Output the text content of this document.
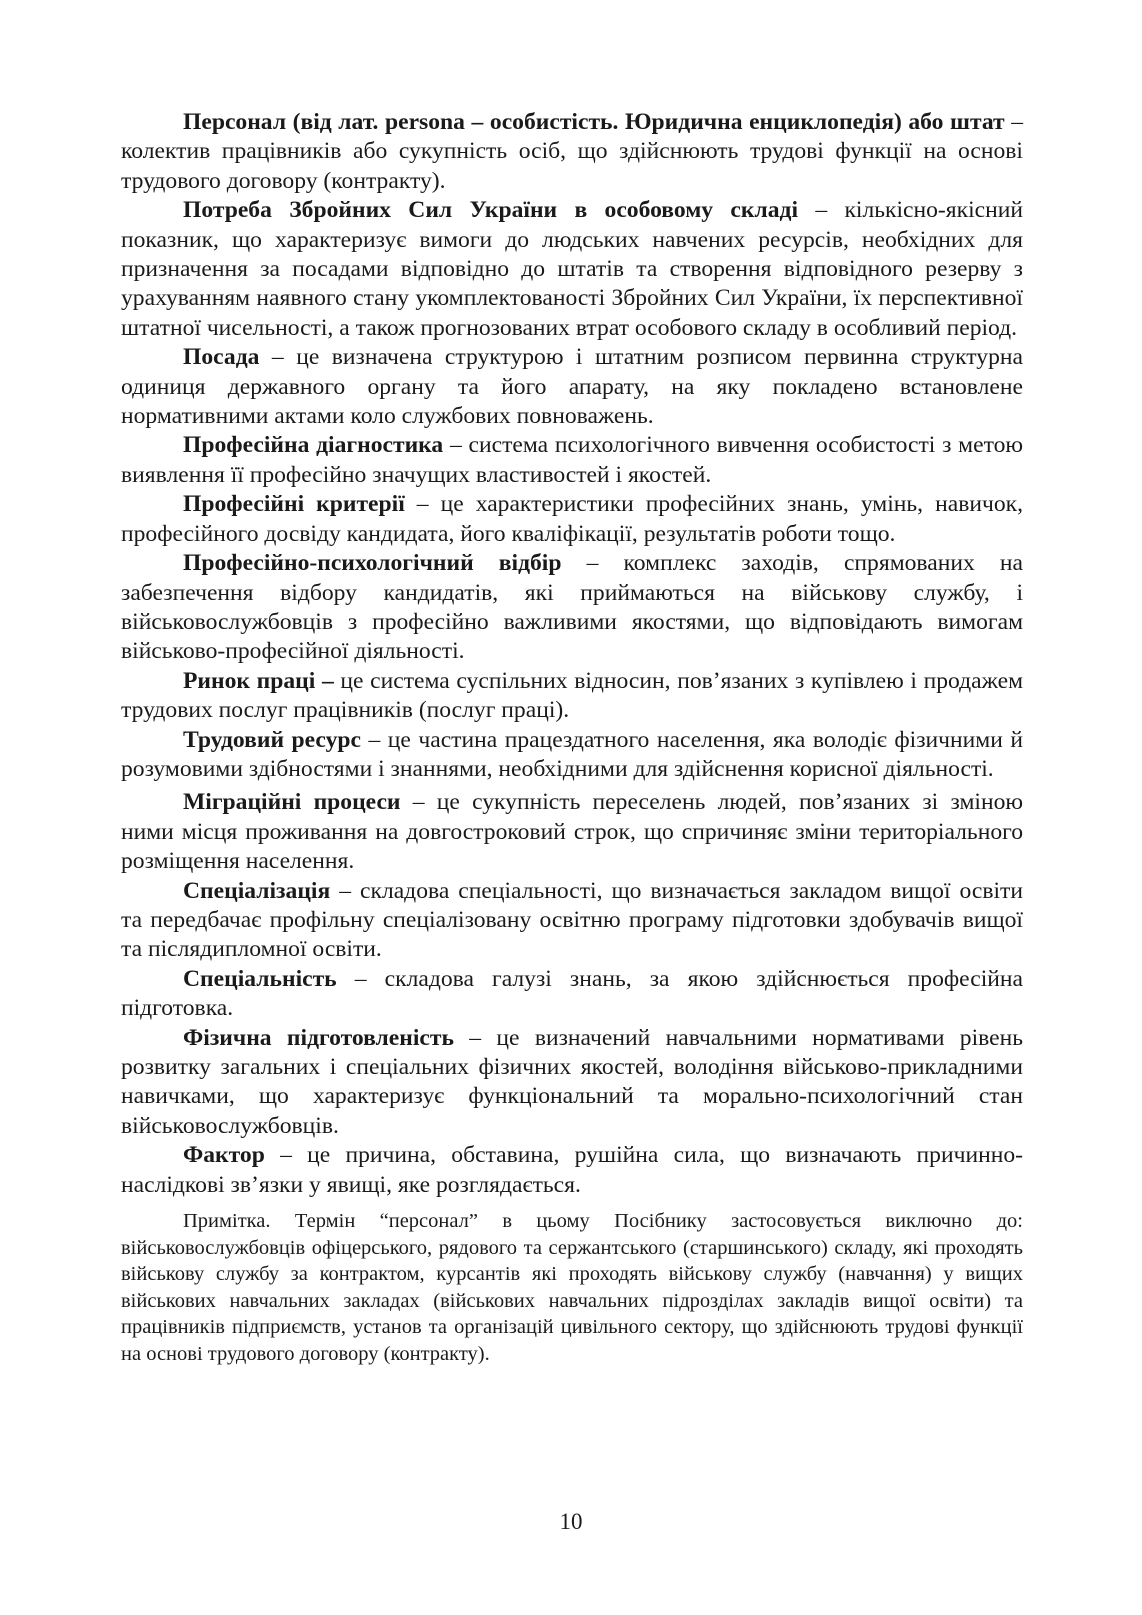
Персонал (від лат. persona – особистість. Юридична енциклопедія) або штат – колектив працівників або сукупність осіб, що здійснюють трудові функції на основі трудового договору (контракту).

Потреба Збройних Сил України в особовому складі – кількісно-якісний показник, що характеризує вимоги до людських навчених ресурсів, необхідних для призначення за посадами відповідно до штатів та створення відповідного резерву з урахуванням наявного стану укомплектованості Збройних Сил України, їх перспективної штатної чисельності, а також прогнозованих втрат особового складу в особливий період.

Посада – це визначена структурою і штатним розписом первинна структурна одиниця державного органу та його апарату, на яку покладено встановлене нормативними актами коло службових повноважень.

Професійна діагностика – система психологічного вивчення особистості з метою виявлення її професійно значущих властивостей і якостей.

Професійні критерії – це характеристики професійних знань, умінь, навичок, професійного досвіду кандидата, його кваліфікації, результатів роботи тощо.

Професійно-психологічний відбір – комплекс заходів, спрямованих на забезпечення відбору кандидатів, які приймаються на військову службу, і військовослужбовців з професійно важливими якостями, що відповідають вимогам військово-професійної діяльності.

Ринок праці – це система суспільних відносин, пов’язаних з купівлею і продажем трудових послуг працівників (послуг праці).

Трудовий ресурс – це частина працездатного населення, яка володіє фізичними й розумовими здібностями і знаннями, необхідними для здійснення корисної діяльності.

Міграційні процеси – це сукупність переселень людей, пов’язаних зі зміною ними місця проживання на довгостроковий строк, що спричиняє зміни територіального розміщення населення.

Спеціалізація – складова спеціальності, що визначається закладом вищої освіти та передбачає профільну спеціалізовану освітню програму підготовки здобувачів вищої та післядипломної освіти.

Спеціальність – складова галузі знань, за якою здійснюється професійна підготовка.

Фізична підготовленість – це визначений навчальними нормативами рівень розвитку загальних і спеціальних фізичних якостей, володіння військово-прикладними навичками, що характеризує функціональний та морально-психологічний стан військовослужбовців.

Фактор – це причина, обставина, рушійна сила, що визначають причинно-наслідкові зв’язки у явищі, яке розглядається.

Примітка. Термін “персонал” в цьому Посібнику застосовується виключно до: військовослужбовців офіцерського, рядового та сержантського (старшинського) складу, які проходять військову службу за контрактом, курсантів які проходять військову службу (навчання) у вищих військових навчальних закладах (військових навчальних підрозділах закладів вищої освіти) та працівників підприємств, установ та організацій цивільного сектору, що здійснюють трудові функції на основі трудового договору (контракту).

10
